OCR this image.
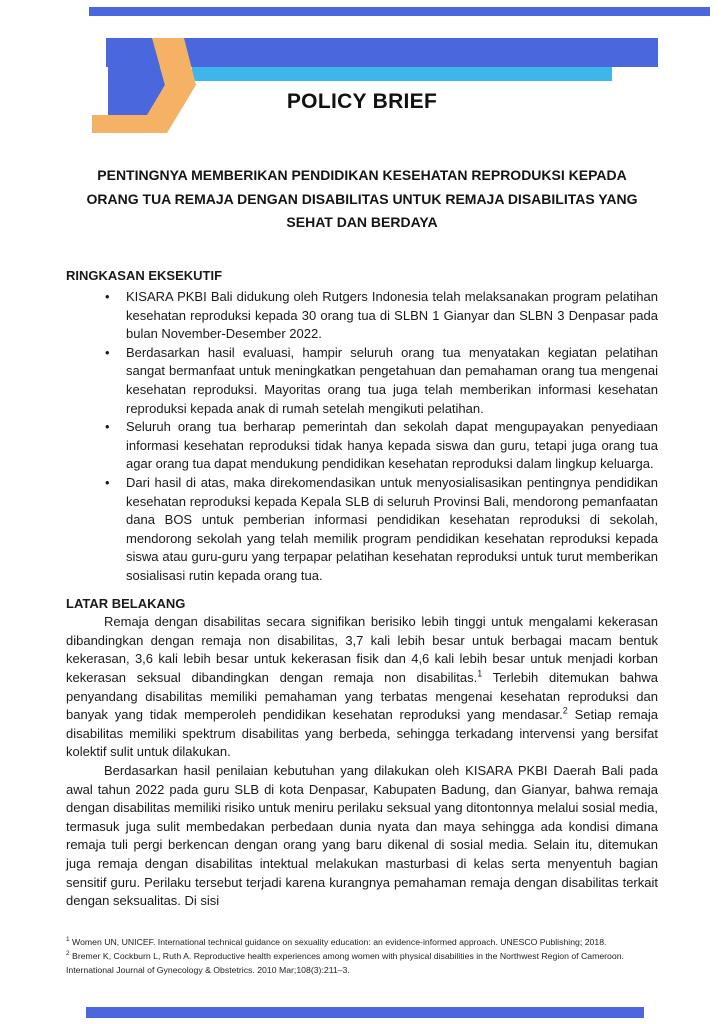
POLICY BRIEF
PENTINGNYA MEMBERIKAN PENDIDIKAN KESEHATAN REPRODUKSI KEPADA ORANG TUA REMAJA DENGAN DISABILITAS UNTUK REMAJA DISABILITAS YANG SEHAT DAN BERDAYA
RINGKASAN EKSEKUTIF
•	KISARA PKBI Bali didukung oleh Rutgers Indonesia telah melaksanakan program pelatihan kesehatan reproduksi kepada 30 orang tua di SLBN 1 Gianyar dan SLBN 3 Denpasar pada bulan November-Desember 2022.
•	Berdasarkan hasil evaluasi, hampir seluruh orang tua menyatakan kegiatan pelatihan sangat bermanfaat untuk meningkatkan pengetahuan dan pemahaman orang tua mengenai kesehatan reproduksi. Mayoritas orang tua juga telah memberikan informasi kesehatan reproduksi kepada anak di rumah setelah mengikuti pelatihan.
•	Seluruh orang tua berharap pemerintah dan sekolah dapat mengupayakan penyediaan informasi kesehatan reproduksi tidak hanya kepada siswa dan guru, tetapi juga orang tua agar orang tua dapat mendukung pendidikan kesehatan reproduksi dalam lingkup keluarga.
•	Dari hasil di atas, maka direkomendasikan untuk menyosialisasikan pentingnya pendidikan kesehatan reproduksi kepada Kepala SLB di seluruh Provinsi Bali, mendorong pemanfaatan dana BOS untuk pemberian informasi pendidikan kesehatan reproduksi di sekolah, mendorong sekolah yang telah memilik program pendidikan kesehatan reproduksi kepada siswa atau guru-guru yang terpapar pelatihan kesehatan reproduksi untuk turut memberikan sosialisasi rutin kepada orang tua.
LATAR BELAKANG

Remaja dengan disabilitas secara signifikan berisiko lebih tinggi untuk mengalami kekerasan dibandingkan dengan remaja non disabilitas, 3,7 kali lebih besar untuk berbagai macam bentuk kekerasan, 3,6 kali lebih besar untuk kekerasan fisik dan 4,6 kali lebih besar untuk menjadi korban kekerasan seksual dibandingkan dengan remaja non disabilitas.$^1$ Terlebih ditemukan bahwa penyandang disabilitas memiliki pemahaman yang terbatas mengenai kesehatan reproduksi dan banyak yang tidak memperoleh pendidikan kesehatan reproduksi yang mendasar.$^2$ Setiap remaja disabilitas memiliki spektrum disabilitas yang berbeda, sehingga terkadang intervensi yang bersifat kolektif sulit untuk dilakukan.

Berdasarkan hasil penilaian kebutuhan yang dilakukan oleh KISARA PKBI Daerah Bali pada awal tahun 2022 pada guru SLB di kota Denpasar, Kabupaten Badung, dan Gianyar, bahwa remaja dengan disabilitas memiliki risiko untuk meniru perilaku seksual yang ditontonnya melalui sosial media, termasuk juga sulit membedakan perbedaan dunia nyata dan maya sehingga ada kondisi dimana remaja tuli pergi berkencan dengan orang yang baru dikenal di sosial media. Selain itu, ditemukan juga remaja dengan disabilitas intektual melakukan masturbasi di kelas serta menyentuh bagian sensitif guru. Perilaku tersebut terjadi karena kurangnya pemahaman remaja dengan disabilitas terkait dengan seksualitas. Di sisi

$^1$ Women UN, UNICEF. International technical guidance on sexuality education: an evidence-informed approach. UNESCO Publishing; 2018.
$^2$ Bremer K, Cockburn L, Ruth A. Reproductive health experiences among women with physical disabilities in the Northwest Region of Cameroon. International Journal of Gynecology & Obstetrics. 2010 Mar;108(3):211–3.
